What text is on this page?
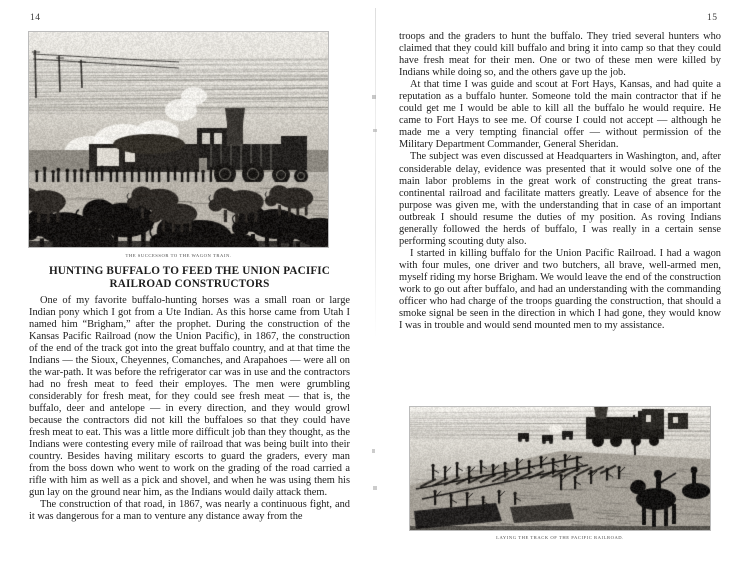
14
THE SUCCESSOR TO THE WAGON TRAIN.
HUNTING BUFFALO TO FEED THE UNION PACIFIC RAILROAD CONSTRUCTORS

One of my favorite buffalo-hunting horses was a small roan or large Indian pony which I got from a Ute Indian. As this horse came from Utah I named him “Brigham,” after the prophet. During the construction of the Kansas Pacific Railroad (now the Union Pacific), in 1867, the construction of the end of the track got into the great buffalo country, and at that time the Indians — the Sioux, Cheyennes, Comanches, and Arapahoes — were all on the war-path. It was before the refrigerator car was in use and the contractors had no fresh meat to feed their employes. The men were grumbling considerably for fresh meat, for they could see fresh meat — that is, the buffalo, deer and antelope — in every direction, and they would growl because the contractors did not kill the buffaloes so that they could have fresh meat to eat. This was a little more difficult job than they thought, as the Indians were contesting every mile of railroad that was being built into their country. Besides having military escorts to guard the graders, every man from the boss down who went to work on the grading of the road carried a rifle with him as well as a pick and shovel, and when he was using them his gun lay on the ground near him, as the Indians would daily attack them.

The construction of that road, in 1867, was nearly a continuous fight, and it was dangerous for a man to venture any distance away from the

15

troops and the graders to hunt the buffalo. They tried several hunters who claimed that they could kill buffalo and bring it into camp so that they could have fresh meat for their men. One or two of these men were killed by Indians while doing so, and the others gave up the job.

At that time I was guide and scout at Fort Hays, Kansas, and had quite a reputation as a buffalo hunter. Someone told the main contractor that if he could get me I would be able to kill all the buffalo he would require. He came to Fort Hays to see me. Of course I could not accept — although he made me a very tempting financial offer — without permission of the Military Department Commander, General Sheridan.

The subject was even discussed at Headquarters in Washington, and, after considerable delay, evidence was presented that it would solve one of the main labor problems in the great work of constructing the great trans-continental railroad and facilitate matters greatly. Leave of absence for the purpose was given me, with the understanding that in case of an important outbreak I should resume the duties of my position. As roving Indians generally followed the herds of buffalo, I was really in a certain sense performing scouting duty also.

I started in killing buffalo for the Union Pacific Railroad. I had a wagon with four mules, one driver and two butchers, all brave, well-armed men, myself riding my horse Brigham. We would leave the end of the construction work to go out after buffalo, and had an understanding with the commanding officer who had charge of the troops guarding the construction, that should a smoke signal be seen in the direction in which I had gone, they would know I was in trouble and would send mounted men to my assistance.

LAYING THE TRACK OF THE PACIFIC RAILROAD.
